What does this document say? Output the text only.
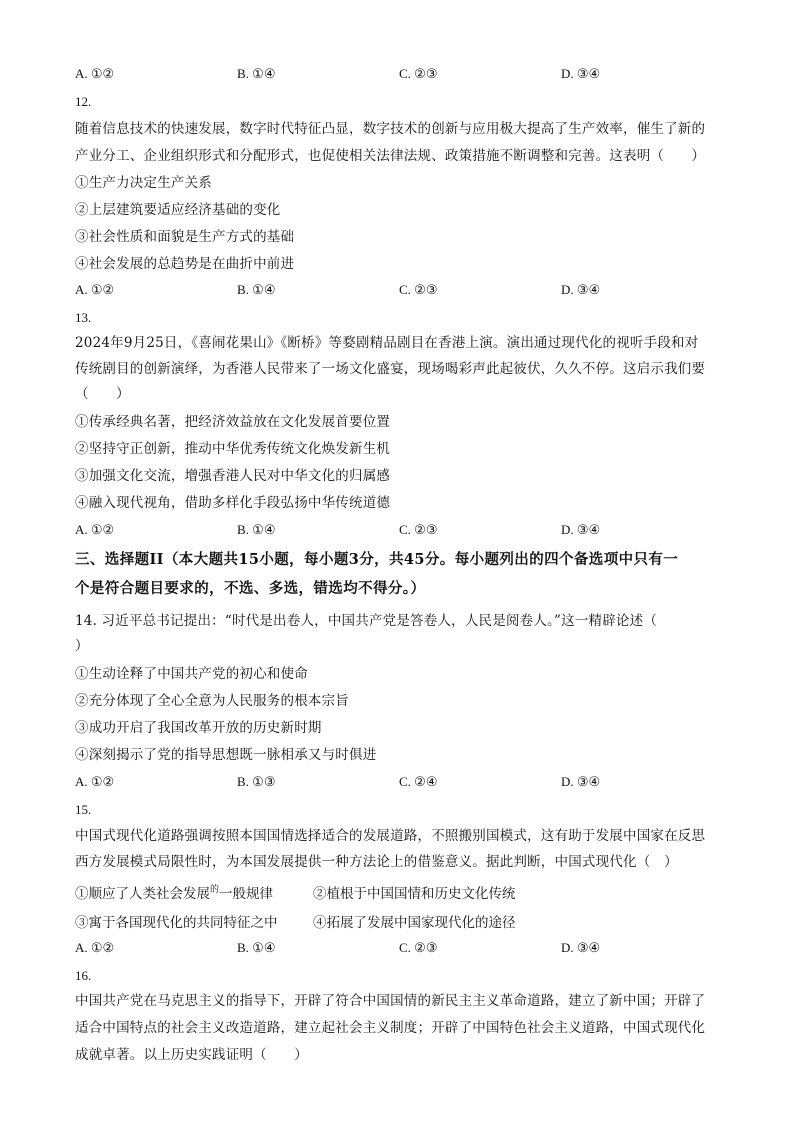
A. ①②	B. ①④	C. ②③	D. ③④
12.
随着信息技术的快速发展，数字时代特征凸显，数字技术的创新与应用极大提高了生产效率，催生了新的
产业分工、企业组织形式和分配形式，也促使相关法律法规、政策措施不断调整和完善。这表明（　　）
①生产力决定生产关系
②上层建筑要适应经济基础的变化
③社会性质和面貌是生产方式的基础
④社会发展的总趋势是在曲折中前进
A. ①②	B. ①④	C. ②③	D. ③④
13.
2024年9月25日，《喜闹花果山》《断桥》等婺剧精品剧目在香港上演。演出通过现代化的视听手段和对
传统剧目的创新演绎，为香港人民带来了一场文化盛宴，现场喝彩声此起彼伏，久久不停。这启示我们要
（　　）
①传承经典名著，把经济效益放在文化发展首要位置
②坚持守正创新，推动中华优秀传统文化焕发新生机
③加强文化交流，增强香港人民对中华文化的归属感
④融入现代视角，借助多样化手段弘扬中华传统道德
A. ①②	B. ①④	C. ②③	D. ③④
三、选择题II（本大题共15小题，每小题3分，共45分。每小题列出的四个备选项中只有一
个是符合题目要求的，不选、多选，错选均不得分。）
14. 习近平总书记提出：“时代是出卷人，中国共产党是答卷人，人民是阅卷人。”这一精辟论述（
）
①生动诠释了中国共产党的初心和使命
②充分体现了全心全意为人民服务的根本宗旨
③成功开启了我国改革开放的历史新时期
④深刻揭示了党的指导思想既一脉相承又与时俱进
A. ①②	B. ①③	C. ②④	D. ③④
15.
中国式现代化道路强调按照本国国情选择适合的发展道路，不照搬别国模式，这有助于发展中国家在反思
西方发展模式局限性时，为本国发展提供一种方法论上的借鉴意义。据此判断，中国式现代化（　）
①顺应了人类社会发展$^的$一般规律	②植根于中国国情和历史文化传统
③寓于各国现代化的共同特征之中	④拓展了发展中国家现代化的途径
A. ①②	B. ①④	C. ②③	D. ③④
16.
中国共产党在马克思主义的指导下，开辟了符合中国国情的新民主主义革命道路，建立了新中国；开辟了
适合中国特点的社会主义改造道路，建立起社会主义制度；开辟了中国特色社会主义道路，中国式现代化
成就卓著。以上历史实践证明（　　）
